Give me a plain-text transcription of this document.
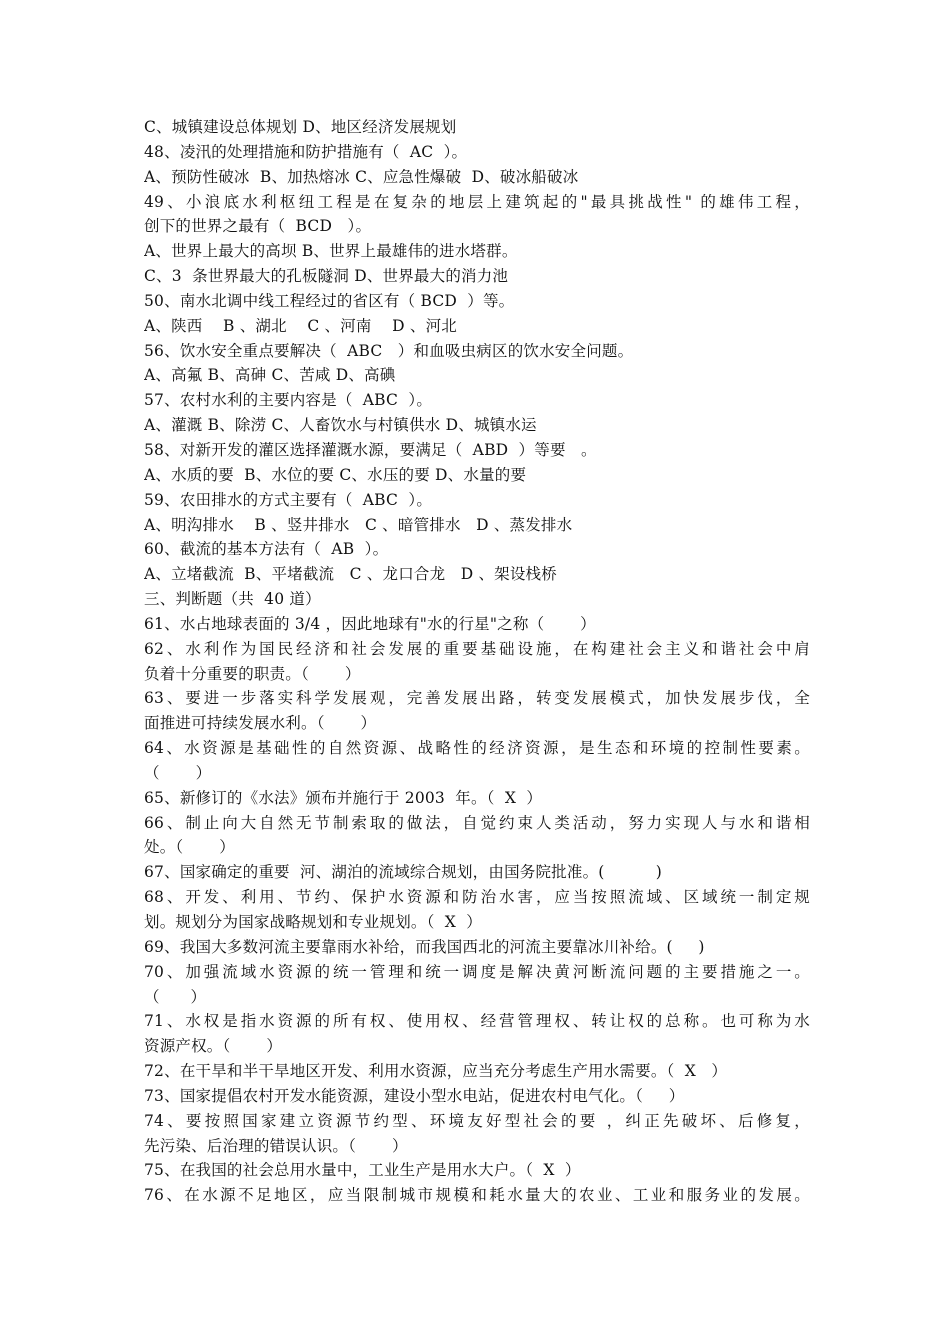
C、城镇建设总体规划 D、地区经济发展规划
48、凌汛的处理措施和防护措施有（  AC  ）。
A、预防性破冰  B、加热熔冰 C、应急性爆破  D、破冰船破冰
49、小浪底水利枢纽工程是在复杂的地层上建筑起的"最具挑战性" 的雄伟工程，
创下的世界之最有（  BCD   ）。
A、世界上最大的高坝 B、世界上最雄伟的进水塔群。
C、3  条世界最大的孔板隧洞 D、世界最大的消力池
50、南水北调中线工程经过的省区有（ BCD  ）等。
A、陕西    B 、湖北    C 、河南    D 、河北
56、饮水安全重点要解决（  ABC   ）和血吸虫病区的饮水安全问题。
A、高氟 B、高砷 C、苦咸 D、高碘
57、农村水利的主要内容是（  ABC  ）。
A、灌溉 B、除涝 C、人畜饮水与村镇供水 D、城镇水运
58、对新开发的灌区选择灌溉水源，要满足（  ABD  ）等要   。
A、水质的要  B、水位的要 C、水压的要 D、水量的要
59、农田排水的方式主要有（  ABC  ）。
A、明沟排水    B 、竖井排水   C 、暗管排水   D 、蒸发排水
60、截流的基本方法有（  AB  ）。
A、立堵截流  B、平堵截流   C 、龙口合龙   D 、架设栈桥
三、判断题（共  40 道）
61、水占地球表面的 3/4 ，因此地球有"水的行星"之称（       ）
62、水利作为国民经济和社会发展的重要基础设施，在构建社会主义和谐社会中肩
负着十分重要的职责。（       ）
63、要进一步落实科学发展观，完善发展出路，转变发展模式，加快发展步伐，全
面推进可持续发展水利。（       ）
64、水资源是基础性的自然资源、战略性的经济资源，是生态和环境的控制性要素。
（       ）
65、新修订的《水法》颁布并施行于 2003  年。（  X  ）
66、制止向大自然无节制索取的做法，自觉约束人类活动，努力实现人与水和谐相
处。（       ）
67、国家确定的重要  河、湖泊的流域综合规划，由国务院批准。(          )
68、开发、利用、节约、保护水资源和防治水害，应当按照流域、区域统一制定规
划。规划分为国家战略规划和专业规划。（  X  ）
69、我国大多数河流主要靠雨水补给，而我国西北的河流主要靠冰川补给。(     )
70、加强流域水资源的统一管理和统一调度是解决黄河断流问题的主要措施之一。
（      ）
71、水权是指水资源的所有权、使用权、经营管理权、转让权的总称。也可称为水
资源产权。（       ）
72、在干旱和半干旱地区开发、利用水资源，应当充分考虑生产用水需要。（  X   ）
73、国家提倡农村开发水能资源，建设小型水电站，促进农村电气化。（     ）
74、要按照国家建立资源节约型、环境友好型社会的要 ，纠正先破坏、后修复，
先污染、后治理的错误认识。（       ）
75、在我国的社会总用水量中，工业生产是用水大户。（  X  ）
76、在水源不足地区，应当限制城市规模和耗水量大的农业、工业和服务业的发展。
